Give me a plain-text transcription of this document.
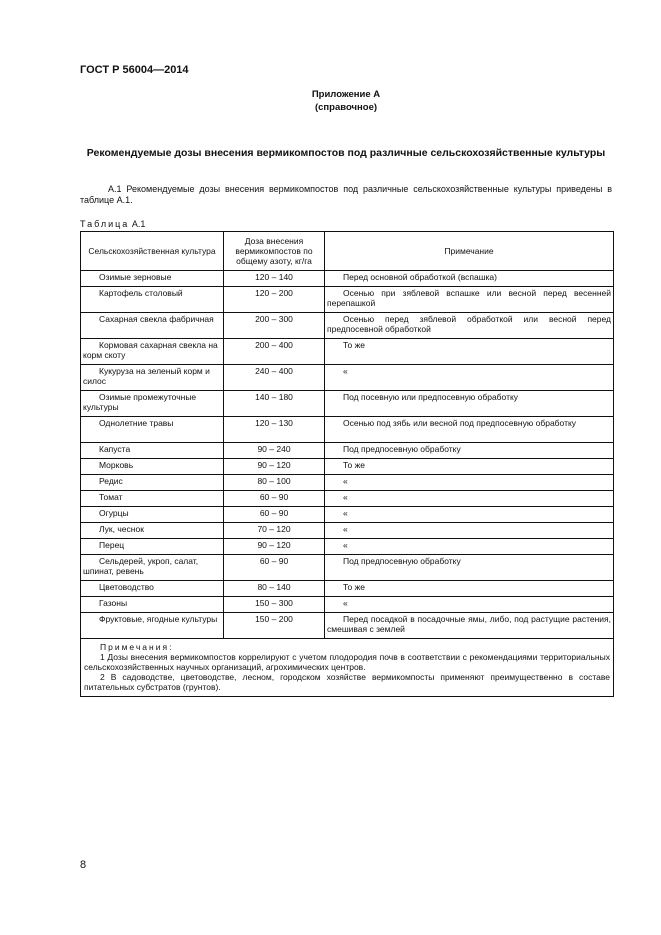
ГОСТ Р 56004—2014
Приложение А
(справочное)
Рекомендуемые дозы внесения вермикомпостов под различные сельскохозяйственные культуры
А.1 Рекомендуемые дозы внесения вермикомпостов под различные сельскохозяйственные культуры приведены в таблице А.1.
Таблица А.1
Сельскохозяйственная культура	Доза внесения вермикомпостов по общему азоту, кг/га	Примечание

Озимые зерновые	120 – 140	Перед основной обработкой (вспашка)

Картофель столовый	120 – 200	Осенью при зяблевой вспашке или весной перед весенней перепашкой

Сахарная свекла фабричная	200 – 300	Осенью перед зяблевой обработкой или весной перед предпосевной обработкой

Кормовая сахарная свекла на корм скоту	200 – 400	То же

Кукуруза на зеленый корм и силос	240 – 400	«

Озимые промежуточные культуры	140 – 180	Под посевную или предпосевную обработку

Однолетние травы	120 – 130	Осенью под зябь или весной под предпосевную обработку

Капуста	90 – 240	Под предпосевную обработку

Морковь	90 – 120	То же

Редис	80 – 100	«

Томат	60 – 90	«

Огурцы	60 – 90	«

Лук, чеснок	70 – 120	«

Перец	90 – 120	«

Сельдерей, укроп, салат, шпинат, ревень	60 – 90	Под предпосевную обработку

Цветоводство	80 – 140	То же

Газоны	150 – 300	«

Фруктовые, ягодные культуры	150 – 200	Перед посадкой в посадочные ямы, либо, под растущие растения, смешивая с землей

Примечания:
1 Дозы внесения вермикомпостов коррелируют с учетом плодородия почв в соответствии с рекомендациями территориальных сельскохозяйственных научных организаций, агрохимических центров.
2 В садоводстве, цветоводстве, лесном, городском хозяйстве вермикомпосты применяют преимущественно в составе питательных субстратов (грунтов).		
8
